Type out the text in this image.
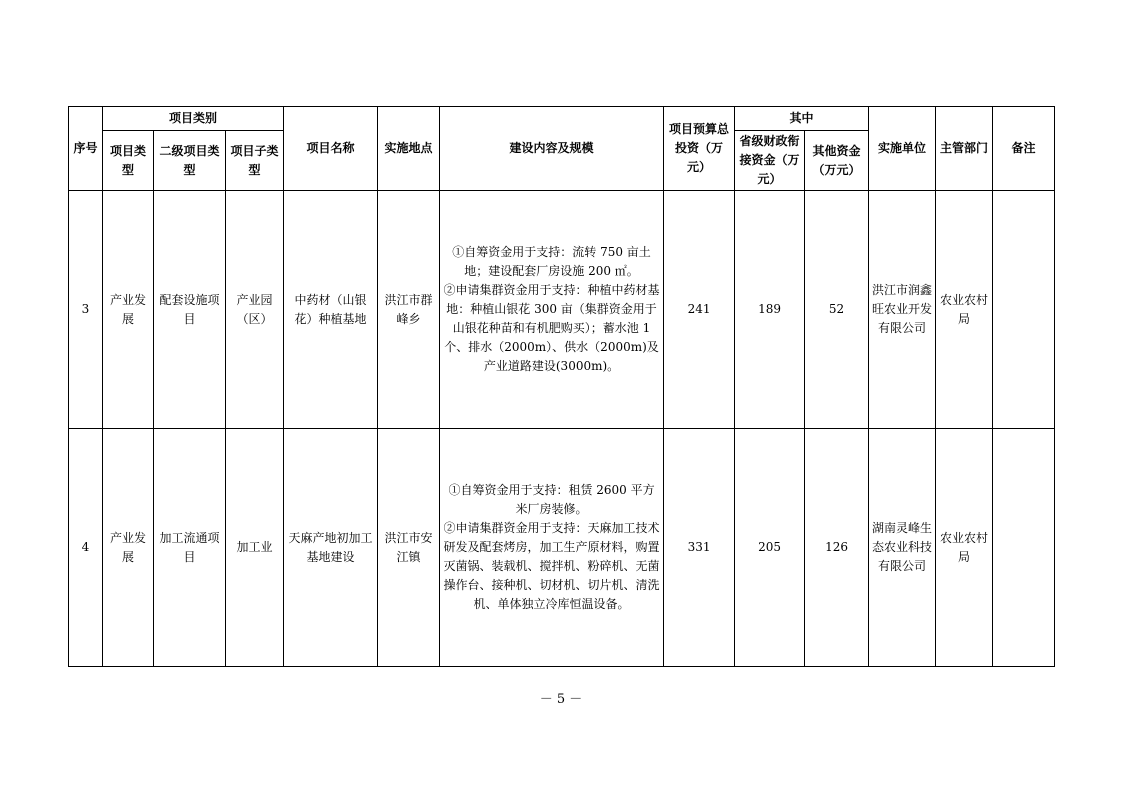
序号	项目类别			项目名称	实施地点	建设内容及规模	项目预算总投资（万元）	其中		实施单位	主管部门	备注
	项目类型	二级项目类型	项目子类型					省级财政衔接资金（万元）	其他资金（万元）			
3	产业发展	配套设施项目	产业园（区）	中药材（山银花）种植基地	洪江市群峰乡	①自筹资金用于支持：流转 750 亩土地；建设配套厂房设施 200 ㎡。
②申请集群资金用于支持：种植中药材基地：种植山银花 300 亩（集群资金用于山银花种苗和有机肥购买）；蓄水池 1 个、排水（2000m）、供水（2000m)及产业道路建设(3000m)。	241	189	52	洪江市润鑫旺农业开发有限公司	农业农村局	
4	产业发展	加工流通项目	加工业	天麻产地初加工基地建设	洪江市安江镇	①自筹资金用于支持：租赁 2600 平方米厂房装修。
②申请集群资金用于支持：天麻加工技术研发及配套烤房，加工生产原材料，购置灭菌锅、装载机、搅拌机、粉碎机、无菌操作台、接种机、切材机、切片机、清洗机、单体独立冷库恒温设备。	331	205	126	湖南灵峰生态农业科技有限公司	农业农村局	
－ 5 －
